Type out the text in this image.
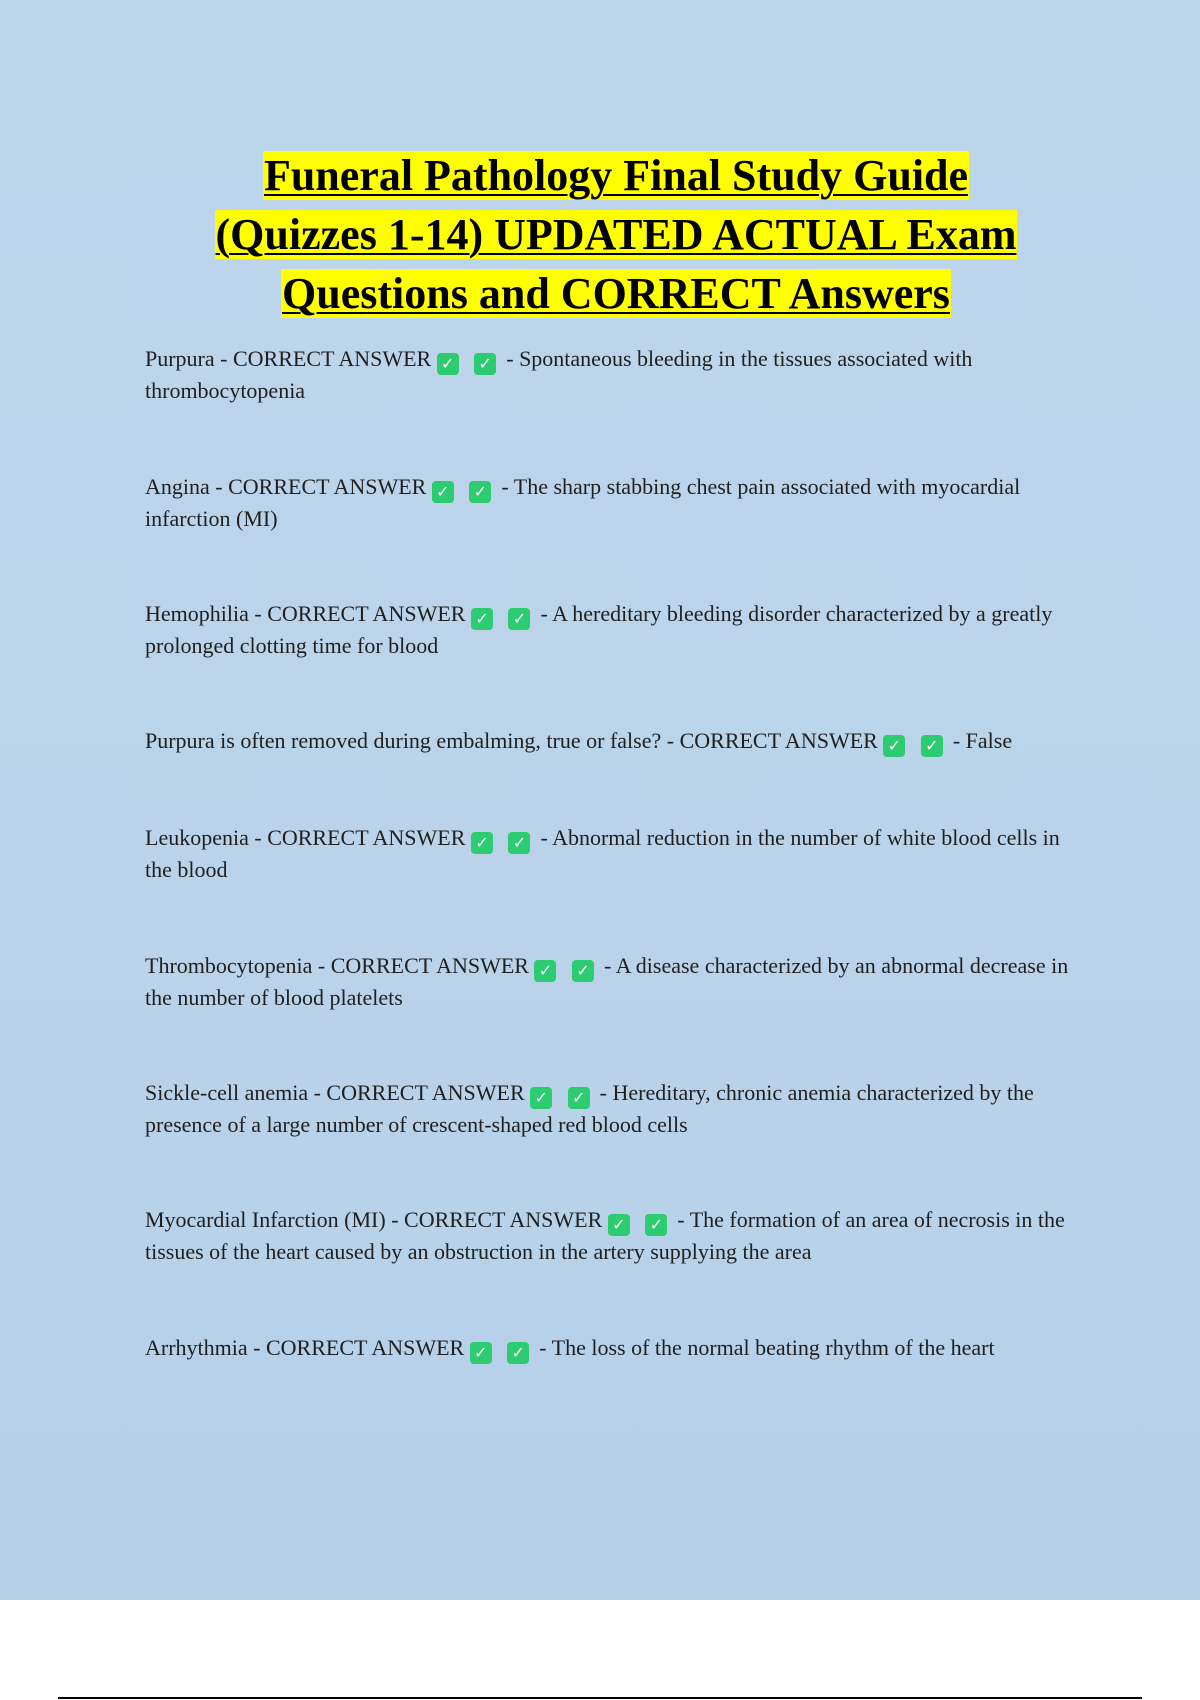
Funeral Pathology Final Study Guide
(Quizzes 1-14) UPDATED ACTUAL Exam
Questions and CORRECT Answers

Purpura - CORRECT ANSWER ✓ ✓ - Spontaneous bleeding in the tissues associated with thrombocytopenia

Angina - CORRECT ANSWER ✓ ✓ - The sharp stabbing chest pain associated with myocardial infarction (MI)

Hemophilia - CORRECT ANSWER ✓ ✓ - A hereditary bleeding disorder characterized by a greatly prolonged clotting time for blood

Purpura is often removed during embalming, true or false? - CORRECT ANSWER ✓ ✓ - False

Leukopenia - CORRECT ANSWER ✓ ✓ - Abnormal reduction in the number of white blood cells in the blood

Thrombocytopenia - CORRECT ANSWER ✓ ✓ - A disease characterized by an abnormal decrease in the number of blood platelets

Sickle-cell anemia - CORRECT ANSWER ✓ ✓ - Hereditary, chronic anemia characterized by the presence of a large number of crescent-shaped red blood cells

Myocardial Infarction (MI) - CORRECT ANSWER ✓ ✓ - The formation of an area of necrosis in the tissues of the heart caused by an obstruction in the artery supplying the area

Arrhythmia - CORRECT ANSWER ✓ ✓ - The loss of the normal beating rhythm of the heart
